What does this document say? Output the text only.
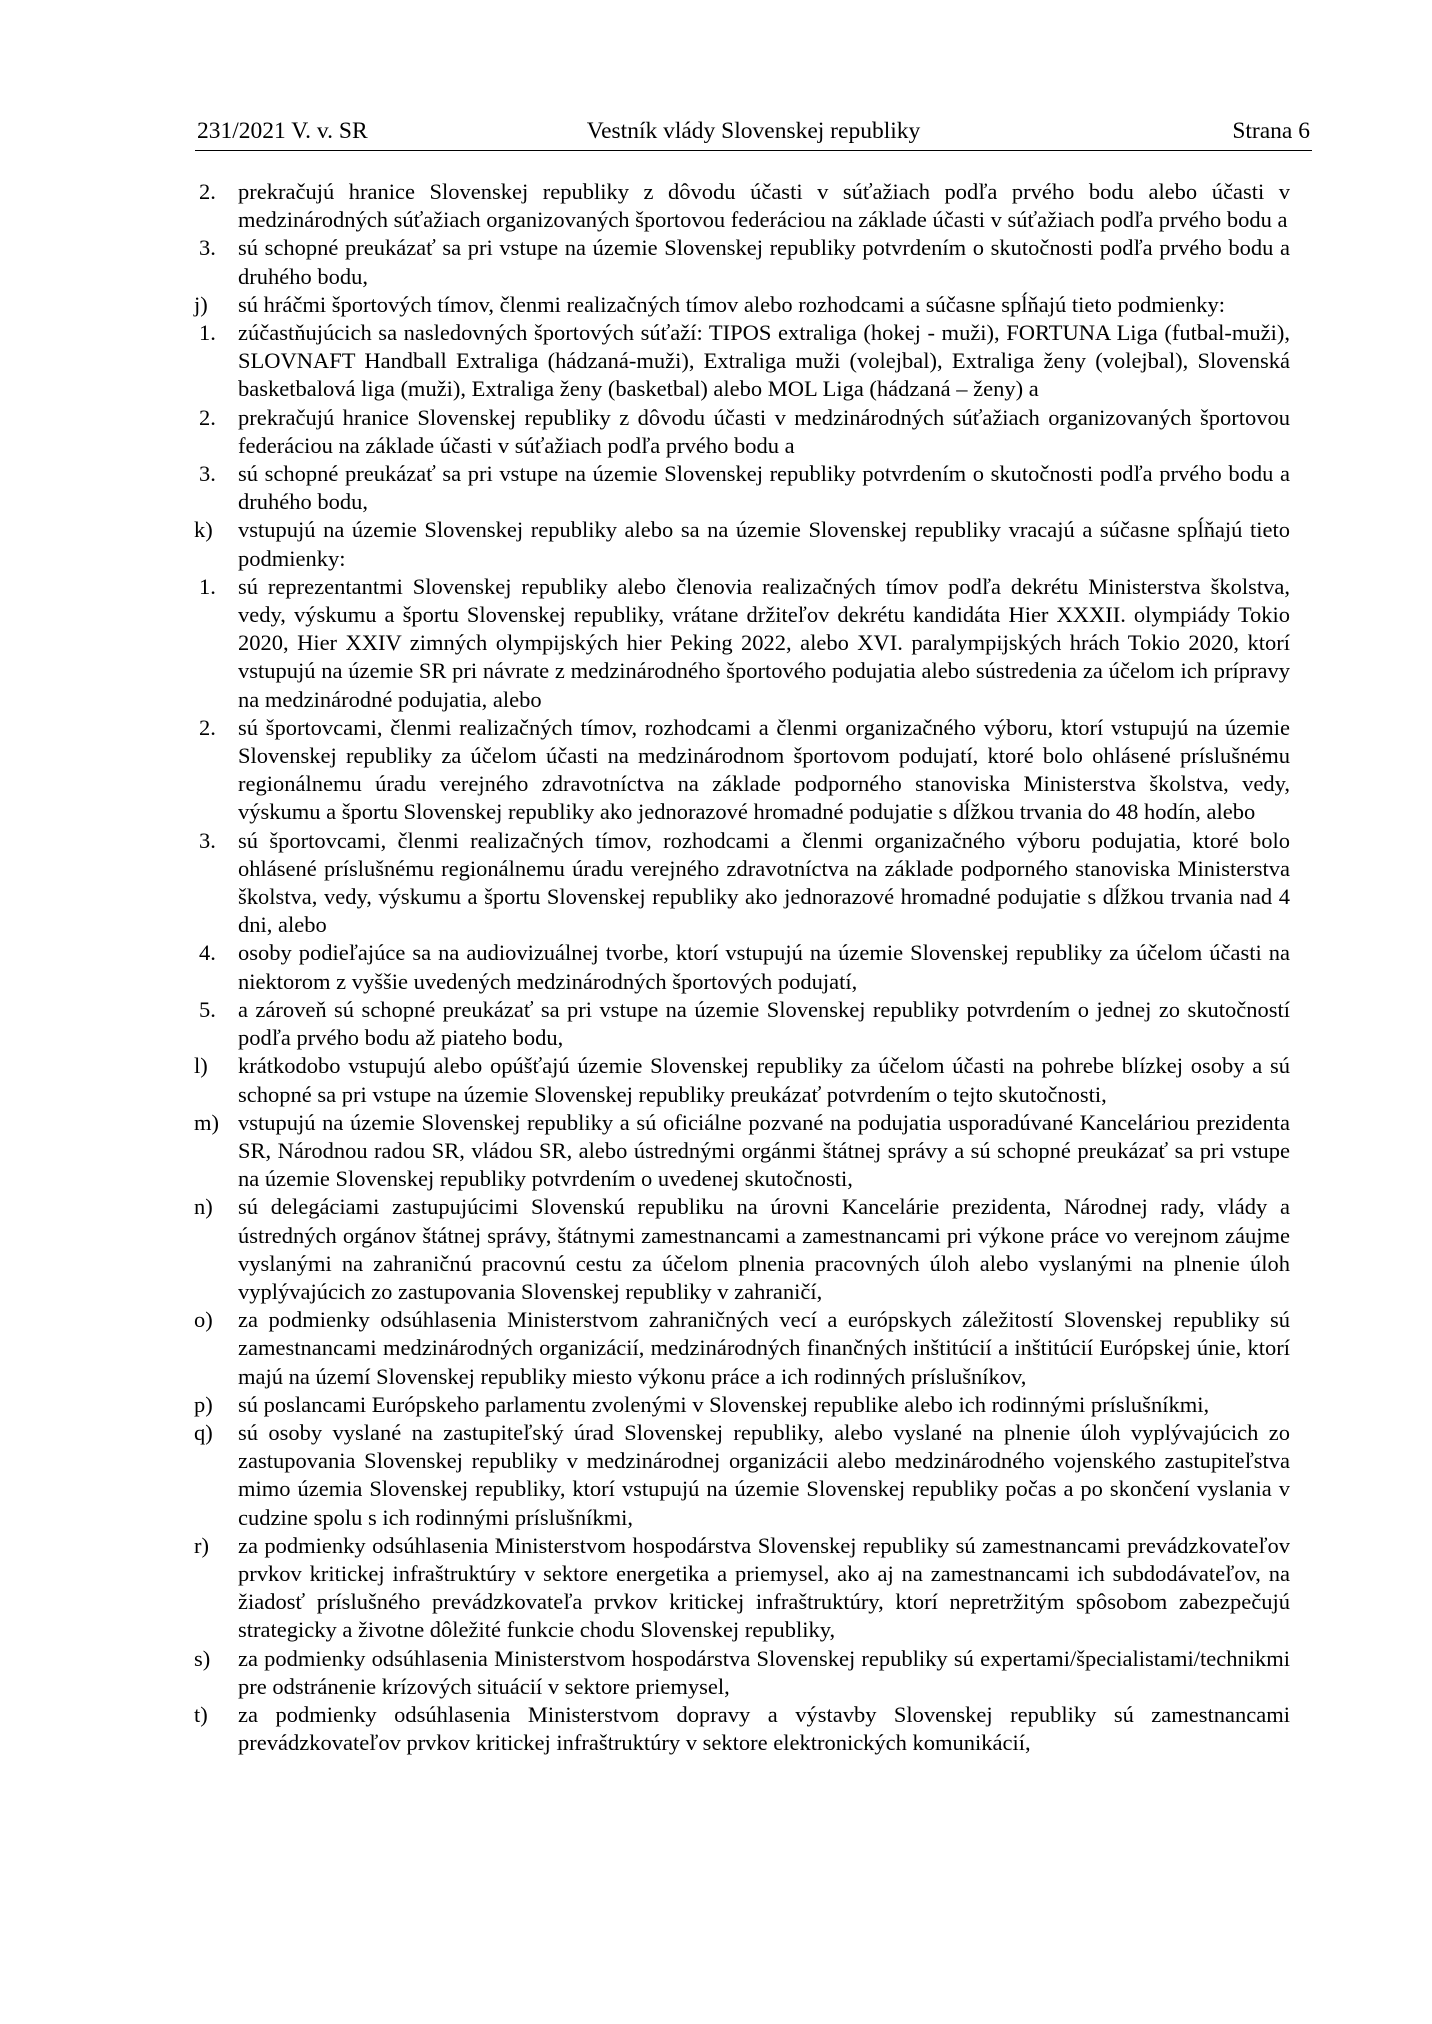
231/2021 V. v. SR	Vestník vlády Slovenskej republiky	Strana 6
2. prekračujú hranice Slovenskej republiky z dôvodu účasti v súťažiach podľa prvého bodu alebo účasti v medzinárodných súťažiach organizovaných športovou federáciou na základe účasti v súťažiach podľa prvého bodu a
3. sú schopné preukázať sa pri vstupe na územie Slovenskej republiky potvrdením o skutočnosti podľa prvého bodu a druhého bodu,
j) sú hráčmi športových tímov, členmi realizačných tímov alebo rozhodcami a súčasne spĺňajú tieto podmienky:
1. zúčastňujúcich sa nasledovných športových súťaží: TIPOS extraliga (hokej - muži), FORTUNA Liga (futbal-muži), SLOVNAFT Handball Extraliga (hádzaná-muži), Extraliga muži (volejbal), Extraliga ženy (volejbal), Slovenská basketbalová liga (muži), Extraliga ženy (basketbal) alebo MOL Liga (hádzaná – ženy) a
2. prekračujú hranice Slovenskej republiky z dôvodu účasti v medzinárodných súťažiach organizovaných športovou federáciou na základe účasti v súťažiach podľa prvého bodu a
3. sú schopné preukázať sa pri vstupe na územie Slovenskej republiky potvrdením o skutočnosti podľa prvého bodu a druhého bodu,
k) vstupujú na územie Slovenskej republiky alebo sa na územie Slovenskej republiky vracajú a súčasne spĺňajú tieto podmienky:
1. sú reprezentantmi Slovenskej republiky alebo členovia realizačných tímov podľa dekrétu Ministerstva školstva, vedy, výskumu a športu Slovenskej republiky, vrátane držiteľov dekrétu kandidáta Hier XXXII. olympiády Tokio 2020, Hier XXIV zimných olympijských hier Peking 2022, alebo XVI. paralympijských hrách Tokio 2020, ktorí vstupujú na územie SR pri návrate z medzinárodného športového podujatia alebo sústredenia za účelom ich prípravy na medzinárodné podujatia, alebo
2. sú športovcami, členmi realizačných tímov, rozhodcami a členmi organizačného výboru, ktorí vstupujú na územie Slovenskej republiky za účelom účasti na medzinárodnom športovom podujatí, ktoré bolo ohlásené príslušnému regionálnemu úradu verejného zdravotníctva na základe podporného stanoviska Ministerstva školstva, vedy, výskumu a športu Slovenskej republiky ako jednorazové hromadné podujatie s dĺžkou trvania do 48 hodín, alebo
3. sú športovcami, členmi realizačných tímov, rozhodcami a členmi organizačného výboru podujatia, ktoré bolo ohlásené príslušnému regionálnemu úradu verejného zdravotníctva na základe podporného stanoviska Ministerstva školstva, vedy, výskumu a športu Slovenskej republiky ako jednorazové hromadné podujatie s dĺžkou trvania nad 4 dni, alebo
4. osoby podieľajúce sa na audiovizuálnej tvorbe, ktorí vstupujú na územie Slovenskej republiky za účelom účasti na niektorom z vyššie uvedených medzinárodných športových podujatí,
5. a zároveň sú schopné preukázať sa pri vstupe na územie Slovenskej republiky potvrdením o jednej zo skutočností podľa prvého bodu až piateho bodu,
l) krátkodobo vstupujú alebo opúšťajú územie Slovenskej republiky za účelom účasti na pohrebe blízkej osoby a sú schopné sa pri vstupe na územie Slovenskej republiky preukázať potvrdením o tejto skutočnosti,
m) vstupujú na územie Slovenskej republiky a sú oficiálne pozvané na podujatia usporadúvané Kanceláriou prezidenta SR, Národnou radou SR, vládou SR, alebo ústrednými orgánmi štátnej správy a sú schopné preukázať sa pri vstupe na územie Slovenskej republiky potvrdením o uvedenej skutočnosti,
n) sú delegáciami zastupujúcimi Slovenskú republiku na úrovni Kancelárie prezidenta, Národnej rady, vlády a ústredných orgánov štátnej správy, štátnymi zamestnancami a zamestnancami pri výkone práce vo verejnom záujme vyslanými na zahraničnú pracovnú cestu za účelom plnenia pracovných úloh alebo vyslanými na plnenie úloh vyplývajúcich zo zastupovania Slovenskej republiky v zahraničí,
o) za podmienky odsúhlasenia Ministerstvom zahraničných vecí a európskych záležitostí Slovenskej republiky sú zamestnancami medzinárodných organizácií, medzinárodných finančných inštitúcií a inštitúcií Európskej únie, ktorí majú na území Slovenskej republiky miesto výkonu práce a ich rodinných príslušníkov,
p) sú poslancami Európskeho parlamentu zvolenými v Slovenskej republike alebo ich rodinnými príslušníkmi,
q) sú osoby vyslané na zastupiteľský úrad Slovenskej republiky, alebo vyslané na plnenie úloh vyplývajúcich zo zastupovania Slovenskej republiky v medzinárodnej organizácii alebo medzinárodného vojenského zastupiteľstva mimo územia Slovenskej republiky, ktorí vstupujú na územie Slovenskej republiky počas a po skončení vyslania v cudzine spolu s ich rodinnými príslušníkmi,
r) za podmienky odsúhlasenia Ministerstvom hospodárstva Slovenskej republiky sú zamestnancami prevádzkovateľov prvkov kritickej infraštruktúry v sektore energetika a priemysel, ako aj na zamestnancami ich subdodávateľov, na žiadosť príslušného prevádzkovateľa prvkov kritickej infraštruktúry, ktorí nepretržitým spôsobom zabezpečujú strategicky a životne dôležité funkcie chodu Slovenskej republiky,
s) za podmienky odsúhlasenia Ministerstvom hospodárstva Slovenskej republiky sú expertami/špecialistami/technikmi pre odstránenie krízových situácií v sektore priemysel,
t) za podmienky odsúhlasenia Ministerstvom dopravy a výstavby Slovenskej republiky sú zamestnancami prevádzkovateľov prvkov kritickej infraštruktúry v sektore elektronických komunikácií,
